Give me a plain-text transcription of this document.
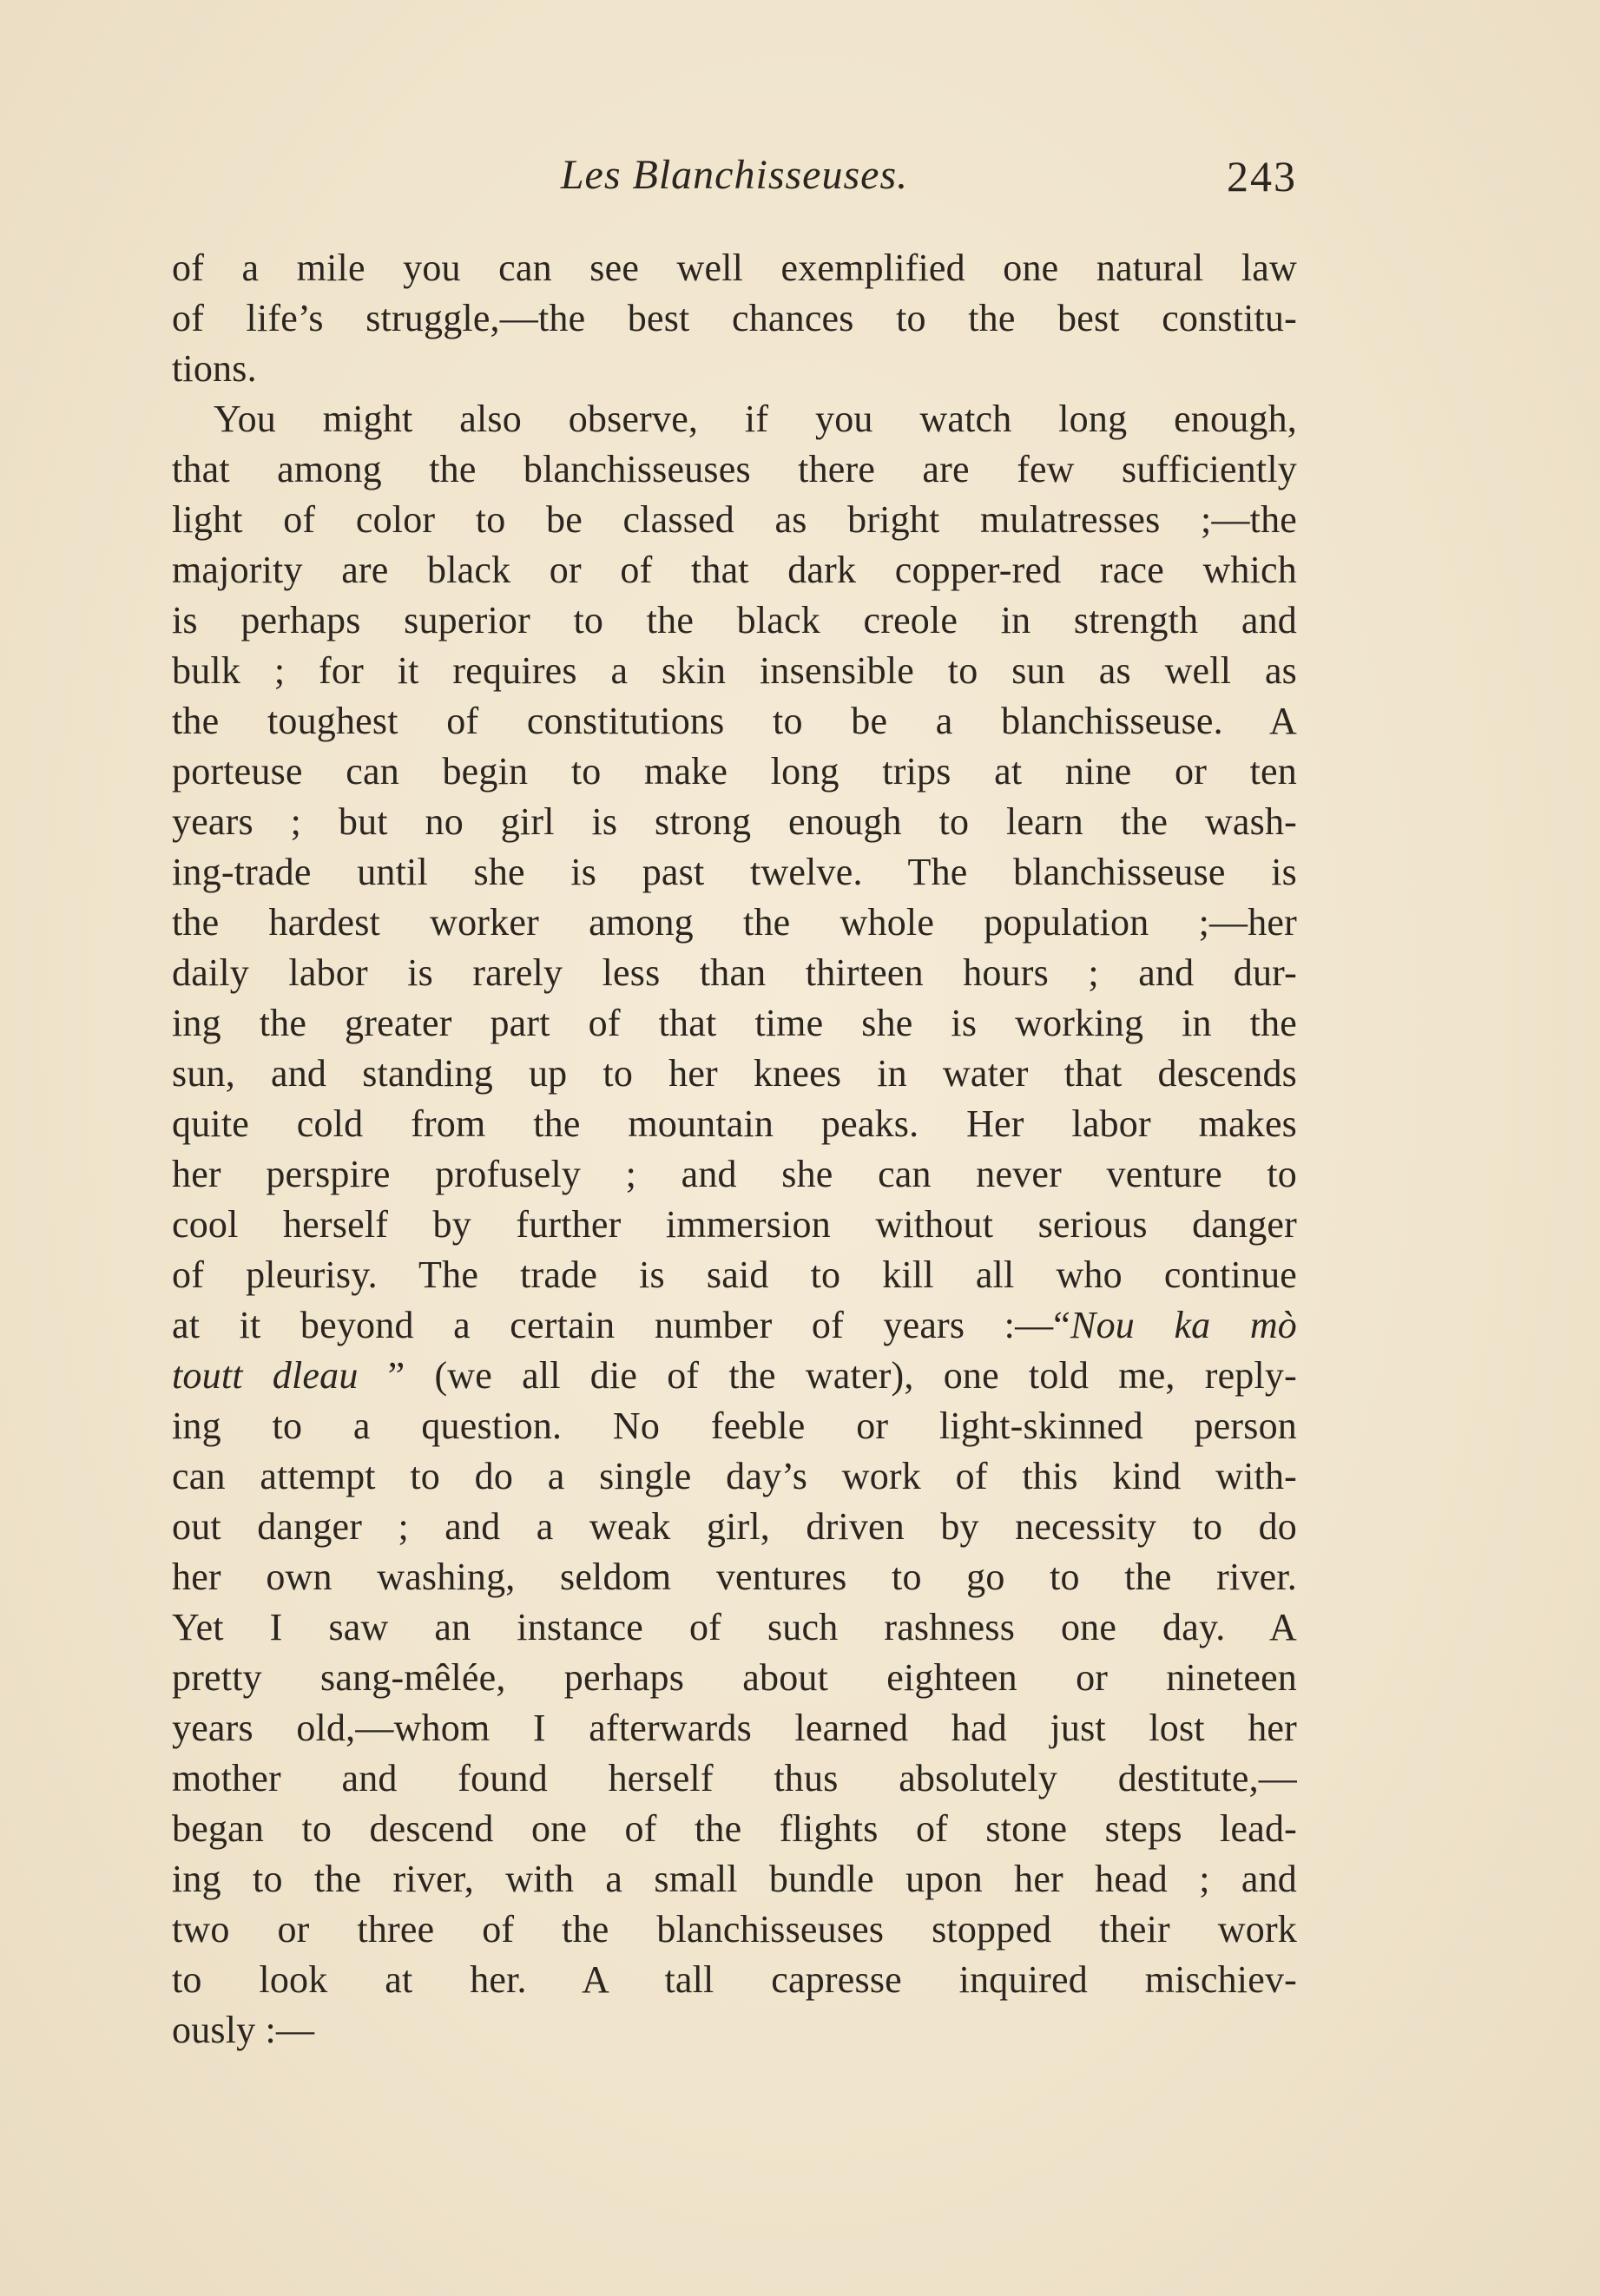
Les Blanchisseuses.	243
of a mile you can see well exemplified one natural law
of life’s struggle,—the best chances to the best constitu-
tions.
You might also observe, if you watch long enough,
that among the blanchisseuses there are few sufficiently
light of color to be classed as bright mulatresses ;—the
majority are black or of that dark copper-red race which
is perhaps superior to the black creole in strength and
bulk ; for it requires a skin insensible to sun as well as
the toughest of constitutions to be a blanchisseuse. A
porteuse can begin to make long trips at nine or ten
years ; but no girl is strong enough to learn the wash-
ing-trade until she is past twelve. The blanchisseuse is
the hardest worker among the whole population ;—her
daily labor is rarely less than thirteen hours ; and dur-
ing the greater part of that time she is working in the
sun, and standing up to her knees in water that descends
quite cold from the mountain peaks. Her labor makes
her perspire profusely ; and she can never venture to
cool herself by further immersion without serious danger
of pleurisy. The trade is said to kill all who continue
at it beyond a certain number of years :—“Nou ka mò
toutt dleau ” (we all die of the water), one told me, reply-
ing to a question. No feeble or light-skinned person
can attempt to do a single day’s work of this kind with-
out danger ; and a weak girl, driven by necessity to do
her own washing, seldom ventures to go to the river.
Yet I saw an instance of such rashness one day. A
pretty sang-mêlée, perhaps about eighteen or nineteen
years old,—whom I afterwards learned had just lost her
mother and found herself thus absolutely destitute,—
began to descend one of the flights of stone steps lead-
ing to the river, with a small bundle upon her head ; and
two or three of the blanchisseuses stopped their work
to look at her. A tall capresse inquired mischiev-
ously :—
